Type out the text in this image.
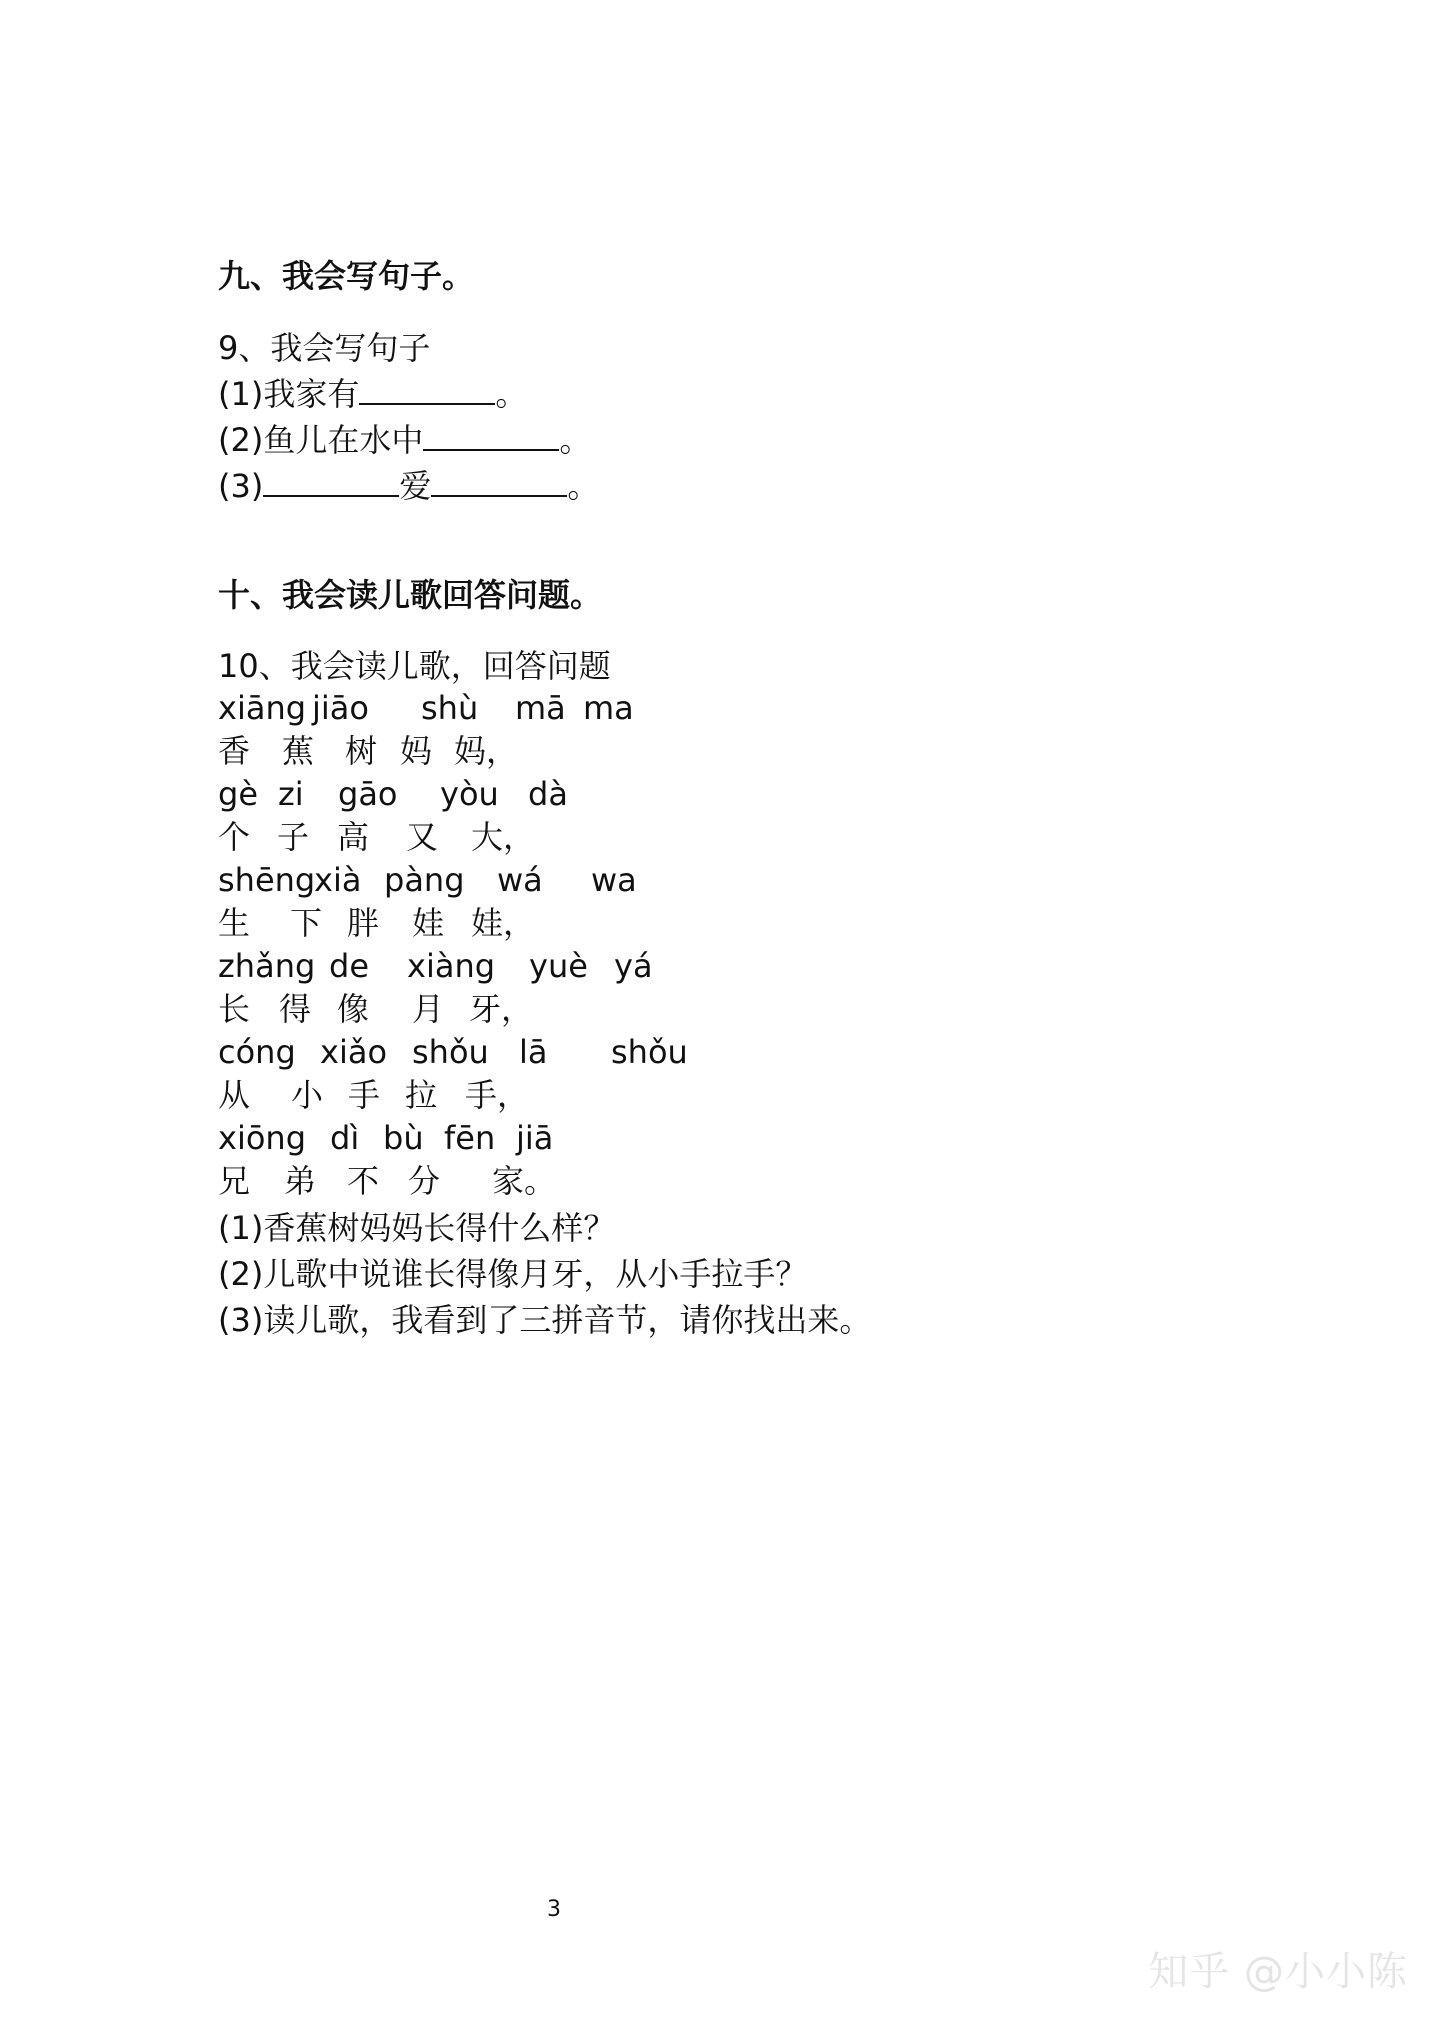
九、我会写句子。

9、我会写句子

(1)我家有	。

(2)鱼儿在水中	。

(3)	爱	。

十、我会读儿歌回答问题。

10、我会读儿歌，回答问题

xiāng jiāo shù mā ma

香 蕉 树 妈 妈，

gè zi gāo yòu dà

个 子 高 又 大，

shēng
xià pàng wá wa

生 下 胖 娃 娃，

zhǎng de xiàng yuè yá

长 得 像 月 牙，

cóng xiǎo shǒu lā shǒu

从 小 手 拉 手，

xiōng dì bù fēn jiā

兄 弟 不 分 家。

(1)香蕉树妈妈长得什么样？

(2)儿歌中说谁长得像月牙，从小手拉手？

(3)读儿歌，我看到了三拼音节，请你找出来。

3
知乎 @小小陈
